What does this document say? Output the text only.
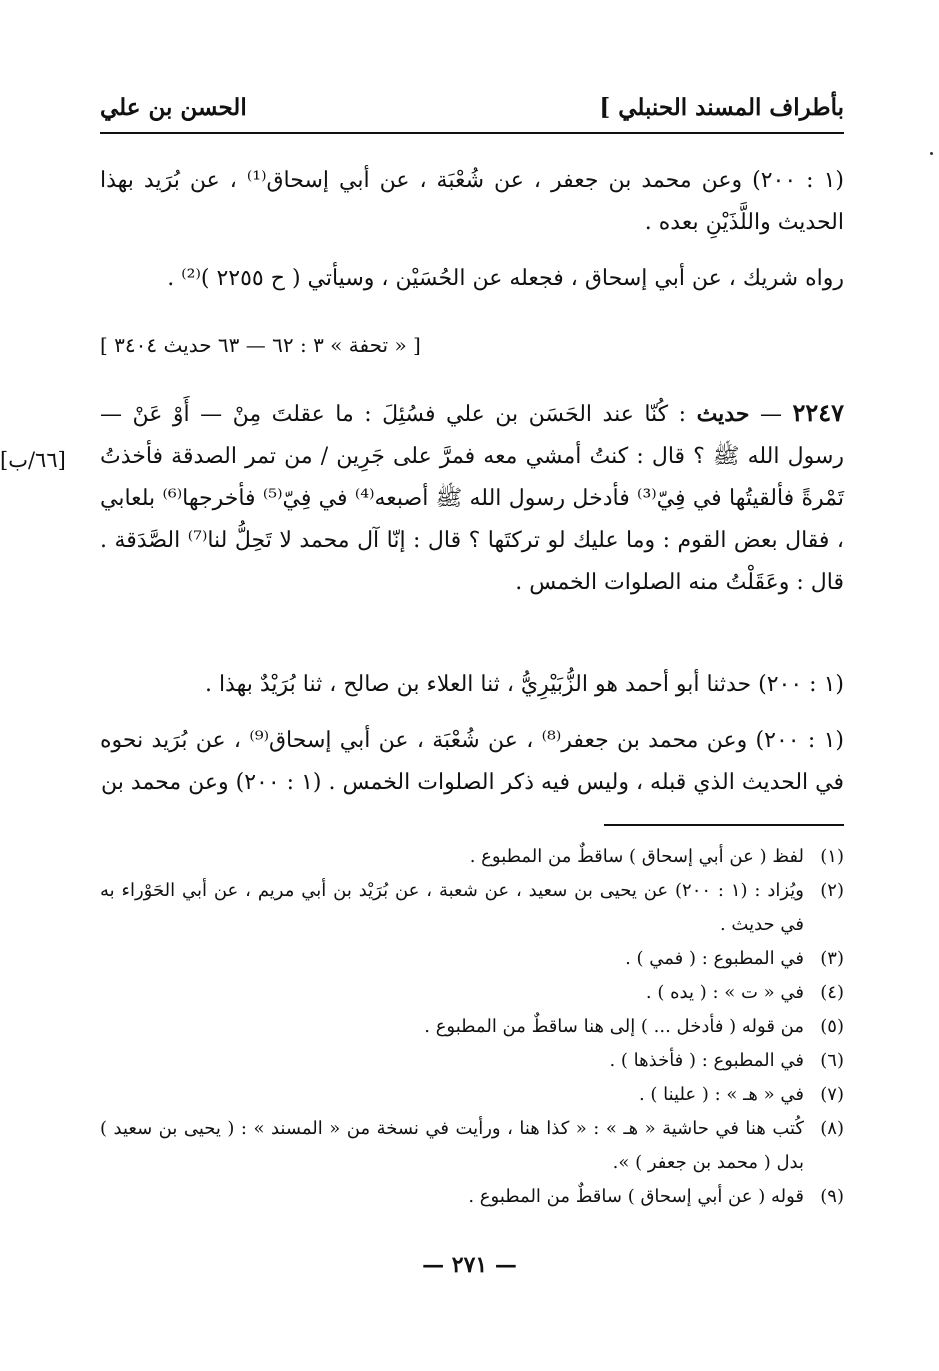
بأطراف المسند الحنبلي ]
الحسن بن علي
(١ : ٢٠٠) وعن محمد بن جعفر ، عن شُعْبَة ، عن أبي إسحاق⁽¹⁾ ، عن بُرَيد بهذا الحديث واللَّذَيْنِ بعده .
رواه شريك ، عن أبي إسحاق ، فجعله عن الحُسَيْن ، وسيأتي ( ح ٢٢٥٥ )⁽²⁾ .
[ « تحفة » ٣ : ٦٢ — ٦٣ حديث ٣٤٠٤ ]
٢٢٤٧ — حديث : كُنّا عند الحَسَن بن علي فسُئِلَ : ما عقلتَ مِنْ — أَوْ عَنْ — رسول الله ﷺ ؟ قال : كنتُ أمشي معه فمرَّ على جَرِين / من تمر الصدقة فأخذتُ تَمْرةً فألقيتُها في فِيّ⁽³⁾ فأدخل رسول الله ﷺ أصبعه⁽⁴⁾ في فِيّ⁽⁵⁾ فأخرجها⁽⁶⁾ بلعابي ، فقال بعض القوم : وما عليك لو تركتَها ؟ قال : إنّا آل محمد لا تَحِلُّ لنا⁽⁷⁾ الصَّدَقة . قال : وعَقَلْتُ منه الصلوات الخمس .
[٦٦/ب]
(١ : ٢٠٠) حدثنا أبو أحمد هو الزُّبَيْرِيُّ ، ثنا العلاء بن صالح ، ثنا بُرَيْدٌ بهذا .
(١ : ٢٠٠) وعن محمد بن جعفر⁽⁸⁾ ، عن شُعْبَة ، عن أبي إسحاق⁽⁹⁾ ، عن بُرَيد نحوه في الحديث الذي قبله ، وليس فيه ذكر الصلوات الخمس . (١ : ٢٠٠) وعن محمد بن
(١)
لفظ ( عن أبي إسحاق ) ساقطٌ من المطبوع .
(٢)
ويُزاد : (١ : ٢٠٠) عن يحيى بن سعيد ، عن شعبة ، عن بُرَيْد بن أبي مريم ، عن أبي الحَوْراء به في حديث .
(٣)
في المطبوع : ( فمي ) .
(٤)
في « ت » : ( يده ) .
(٥)
من قوله ( فأدخل ... ) إلى هنا ساقطٌ من المطبوع .
(٦)
في المطبوع : ( فأخذها ) .
(٧)
في « هـ » : ( علينا ) .
(٨)
كُتب هنا في حاشية « هـ » : « كذا هنا ، ورأيت في نسخة من « المسند » : ( يحيى بن سعيد ) بدل ( محمد بن جعفر ) ».
(٩)
قوله ( عن أبي إسحاق ) ساقطٌ من المطبوع .
— ٢٧١ —
